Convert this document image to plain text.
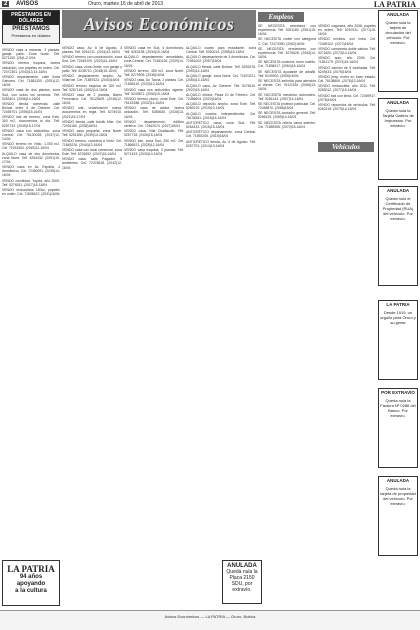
2	AVISOS	Oruro, martes 16 de abril de 2013	LA PATRIA
PRÉSTAMOS EN DÓLARES
PRÉSTAMOS
Prestamos en dólares
Avisos Económicos	Empleos
Vehículos

VENDO casa a estrenar, 3 plantas, garaje, patio. Zona Norte. Telf. 5271190. (26)1-2-3/04

VENDO terreno esquina, buena ubicación, con papeles en orden. Cel. 72472361. (2043)13-14-16/04

VENDO departamento, calle Soria Galvarro. Cel. 71881200. (2051)12-16/04

VENDO casa de dos plantas, zona Sud, con todos los servicios. Telf. 5253401. (2056)14-16/04

VENDO tienda comercial, calle Bolívar entre 6 de Octubre. Cel. 72455701. (2055)15-16/04

VENDO lote de terreno, zona Este, 300 m2, documentos al día. Telf. 5287742. (2049)15-17/04

VENDO casa con anticrético, zona Central. Cel. 76130028. (2037)12-14/04

VENDO terreno en Vinto, 1.000 m2. Cel. 71193304. (2045)12-16/04

ALQUILO casa de dos dormitorios, zona Norte. Telf. 5254432. (2051)15-17/04

VENDO casa en Av. España, 4 dormitorios. Cel. 72480091. (2035)14-16/04

VENDO movilidad, Toyota, año 2005. Telf. 5276011. (2017)16-18/04

VENDO motocicleta 150cc, papeles en orden. Cel. 71838422. (2031)16/04

VENDO casa, Av. 6 de Agosto, 3 plantas. Telf. 5261211. (2024)12-16/04

VENDO terreno con construcción, zona Sud. Cel. 72445109. (2023)14-16/04

VENDO casa, zona Oeste, con garaje y patio. Telf. 5238710. (2048)15-16/04

VENDO departamento amplio, Av. Villarroel. Cel. 71887623. (2040)16/04

VENDO terreno esquina de 320 m2. Telf. 5287145. (2052)14-16/04

VENDO casa de 2 plantas, Barrio Ferroviario. Cel. 76125409. (2046)12-16/04

VENDO lote, urbanización nueva, documentos en regla. Telf. 5274010. (2021)15-17/04

VENDO tienda, calle Adolfo Mier. Cel. 72491180. (2038)16/04

VENDO casa pequeña, zona Norte. Telf. 5251630. (2039)14-16/04

VENDO terreno, carretera a Vinto. Cel. 71849226. (2044)13-16/04

VENDO casa con local comercial, zona Este. Telf. 5276652. (2047)15-16/04

VENDO casa, calle Pagador, 5 ambientes. Cel. 72476618. (2042)12-16/04

VENDO casa en Sud, 4 dormitorios. Telf. 5263198. (2034)15-16/04

ALQUILO departamento amueblado, zona Central. Cel. 72481126. (2029)14-16/04

VENDO terreno, 450 m2, zona Norte. Telf. 5279905. (2036)16/04

VENDO casa, Av. Tacna, 2 plantas. Cel. 71835410. (2033)12-16/04

VENDO casa con anticrético vigente. Telf. 5249871. (2050)15-16/04

VENDO terreno plano, zona Este. Cel. 76142288. (2032)14-16/04

VENDO casa de adobe, buena ubicación. Telf. 5286630. (2028)13-16/04

VENDO departamento, edificio céntrico. Cel. 72462074. (2027)16/04

VENDO casa, Villa Challacollo. Telf. 5257718. (2026)15-16/04

VENDO lote, zona Sud, 250 m2. Cel. 71866521. (2025)12-16/04

VENDO casa esquina, 3 plantas. Telf. 5271433. (2030)14-16/04

ALQUILO cuarto para estudiante, zona Central. Telf. 5260014. (2058)15-16/04

ALQUILO departamento de 3 dormitorios. Cel. 72481002. (2057)16/04

ALQUILO tienda, calle Bolívar. Telf. 5253378. (2053)14-16/04

ALQUILO garaje, zona Norte. Cel. 71870221. (2054)13-16/04

ALQUILO casa, Av. Dehene. Telf. 5278110. (2022)15-16/04

ALQUILO oficina, Plaza 10 de Febrero. Cel. 72456604. (2020)16/04

ALQUILO depósito amplio, zona Este. Telf. 5282219. (2019)12-16/04

ALQUILO cuartos independientes. Cel. 76134581. (2018)14-16/04

ANTICRÉTICO casa, zona Sud. Telf. 5264432. (2016)15-16/04

ANTICRÉTICO departamento, zona Central. Cel. 71892205. (2015)16/04

ANTICRÉTICO tienda, Av. 6 de Agosto. Telf. 5257703. (2014)13-16/04

SE NECESITA secretaria con experiencia. Telf. 5251180. (2061)15-16/04

SE NECESITA chofer con categoría C. Cel. 72473390. (2062)16/04

SE NECESITA vendedores con experiencia. Telf. 5276628. (2063)14-16/04

SE NECESITA cocinera, buen sueldo. Cel. 71838417. (2064)15-16/04

SE NECESITA ayudante de albañil. Telf. 5249902. (2065)16/04

SE NECESITA señorita para atención al cliente. Cel. 76121154. (2066)13-16/04

SE NECESITA mecánico automotriz. Telf. 5281143. (2067)15-16/04

SE NECESITA profesor particular. Cel. 72448870. (2068)16/04

SE NECESITA contador general. Telf. 5266129. (2069)14-16/04

SE NECESITA niñera cama adentro. Cel. 71855306. (2070)15-16/04

VENDO vagoneta, año 2008, papeles en orden. Telf. 5257611. (2071)15-16/04

VENDO minibús, con línea. Cel. 72465102. (2072)16/04

VENDO camioneta doble cabina. Telf. 5271820. (2073)14-16/04

VENDO auto, año 2006. Cel. 71841179. (2074)15-16/04

VENDO camión de 5 toneladas. Telf. 5249433. (2075)16/04

VENDO jeep, motor en buen estado. Cel. 76138806. (2076)13-16/04

VENDO motocicleta, año 2011. Telf. 5283012. (2077)15-16/04

VENDO taxi con línea. Cel. 72459917. (2078)16/04

VENDO repuestos de vehículos. Telf. 5262218. (2079)14-16/04

ANULADA
Queda nula la tarjeta de circulación del vehículo. Por extravío.
ANULADA
Queda nula la Tarjeta Gallero de Impuestos. Por extravío.
ANULADA
Queda nulo el Certificado de Propiedad (RUA) del vehículo. Por extravío.
LA PATRIA
Desde 1919, un orgullo para Oruro y su gente
POR EXTRAVÍO
Queda nula la Factura Nº 0286 del Banco. Por extravío.
ANULADA
Queda nula la tarjeta de propiedad del vehículo. Por extravío.
ANULADA
Queda nula la Placa 2150 SDU, por extravío.
LA PATRIA
94 años
apoyando
a la cultura
Avisos Económicos — LA PATRIA — Oruro, Bolivia
